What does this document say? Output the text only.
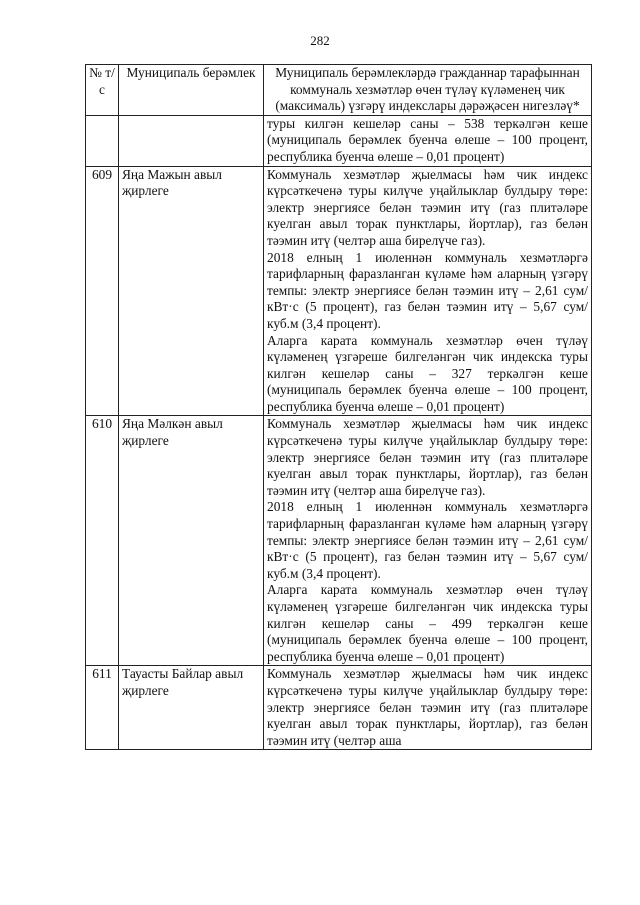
282
№ т/с	Муниципаль берәмлек	Муниципаль берәмлекләрдә гражданнар тарафыннан коммуналь хезмәтләр өчен түләү күләменең чик (максималь) үзгәрү индекслары дәрәҗәсен нигезләү*

		туры килгән кешеләр саны – 538 теркәлгән кеше (муниципаль берәмлек буенча өлеше – 100 процент, республика буенча өлеше – 0,01 процент)

609	Яңа Мажын авыл җирлеге	Коммуналь хезмәтләр җыелмасы һәм чик индекс күрсәткеченә туры килүче уңайлыклар булдыру төре: электр энергиясе белән тәэмин итү (газ плитәләре куелган авыл торак пунктлары, йортлар), газ белән тәэмин итү (челтәр аша бирелүче газ).

2018 елның 1 июленнән коммуналь хезмәтләргә тарифларның фаразланган күләме һәм аларның үзгәрү темпы: электр энергиясе белән тәэмин итү – 2,61 сум/кВт·с (5 процент), газ белән тәэмин итү – 5,67 сум/куб.м (3,4 процент).

Аларга карата коммуналь хезмәтләр өчен түләү күләменең үзгәреше билгеләнгән чик индекска туры килгән кешеләр саны – 327 теркәлгән кеше (муниципаль берәмлек буенча өлеше – 100 процент, республика буенча өлеше – 0,01 процент)

610	Яңа Мәлкән авыл җирлеге	Коммуналь хезмәтләр җыелмасы һәм чик индекс күрсәткеченә туры килүче уңайлыклар булдыру төре: электр энергиясе белән тәэмин итү (газ плитәләре куелган авыл торак пунктлары, йортлар), газ белән тәэмин итү (челтәр аша бирелүче газ).

2018 елның 1 июленнән коммуналь хезмәтләргә тарифларның фаразланган күләме һәм аларның үзгәрү темпы: электр энергиясе белән тәэмин итү – 2,61 сум/кВт·с (5 процент), газ белән тәэмин итү – 5,67 сум/куб.м (3,4 процент).

Аларга карата коммуналь хезмәтләр өчен түләү күләменең үзгәреше билгеләнгән чик индекска туры килгән кешеләр саны – 499 теркәлгән кеше (муниципаль берәмлек буенча өлеше – 100 процент, республика буенча өлеше – 0,01 процент)

611	Тауасты Байлар авыл җирлеге	Коммуналь хезмәтләр җыелмасы һәм чик индекс күрсәткеченә туры килүче уңайлыклар булдыру төре: электр энергиясе белән тәэмин итү (газ плитәләре куелган авыл торак пунктлары, йортлар), газ белән тәэмин итү (челтәр аша
